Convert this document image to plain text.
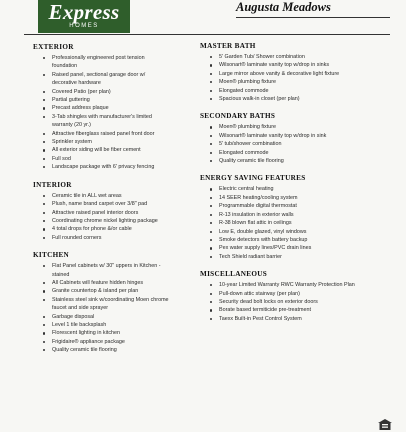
Express
HOMES
Augusta Meadows
EXTERIOR
Professionally engineered post tension
foundation
Raised panel, sectional garage door w/
decorative hardware
Covered Patio (per plan)
Partial guttering
Precast address plaque
3-Tab shingles with manufacturer's limited
warranty (20 yr.)
Attractive fiberglass raised panel front door
Sprinkler system
All exterior siding will be fiber cement
Full sod
Landscape package with 6' privacy fencing
INTERIOR
Ceramic tile in ALL wet areas
Plush, name brand carpet over 3/8" pad
Attractive raised panel interior doors
Coordinating chrome nickel lighting package
4 total drops for phone &/or cable
Full rounded corners
KITCHEN
Flat Panel cabinets w/ 30" uppers in Kitchen -
stained
All Cabinets will feature hidden hinges
Granite countertop & island per plan
Stainless steel sink w/coordinating Moen chrome
faucet and side sprayer
Garbage disposal
Level 1 tile backsplash
Florescent lighting in kitchen
Frigidaire® appliance package
Quality ceramic tile flooring
MASTER BATH
5' Garden Tub/ Shower combination
Wilsonart® laminate vanity top w/drop in sinks
Large mirror above vanity & decorative light fixture
Moen® plumbing fixture
Elongated commode
Spacious walk-in closet (per plan)
SECONDARY BATHS
Moen® plumbing fixture
Wilsonart® laminate vanity top w/drop in sink
5' tub/shower combination
Elongated commode
Quality ceramic tile flooring
ENERGY SAVING FEATURES
Electric central heating
14 SEER heating/cooling system
Programmable digital thermostat
R-13 insulation in exterior walls
R-38 blown flat attic in ceilings
Low E, double glazed, vinyl windows
Smoke detectors with battery backup
Pex water supply lines/PVC drain lines
Tech Shield radiant barrier
MISCELLANEOUS
10-year Limited Warranty RWC Warranty Protection Plan
Pull-down attic stairway (per plan)
Security dead bolt locks on exterior doors
Borate based termiticide pre-treatment
Taexx Built-in Pest Control System
